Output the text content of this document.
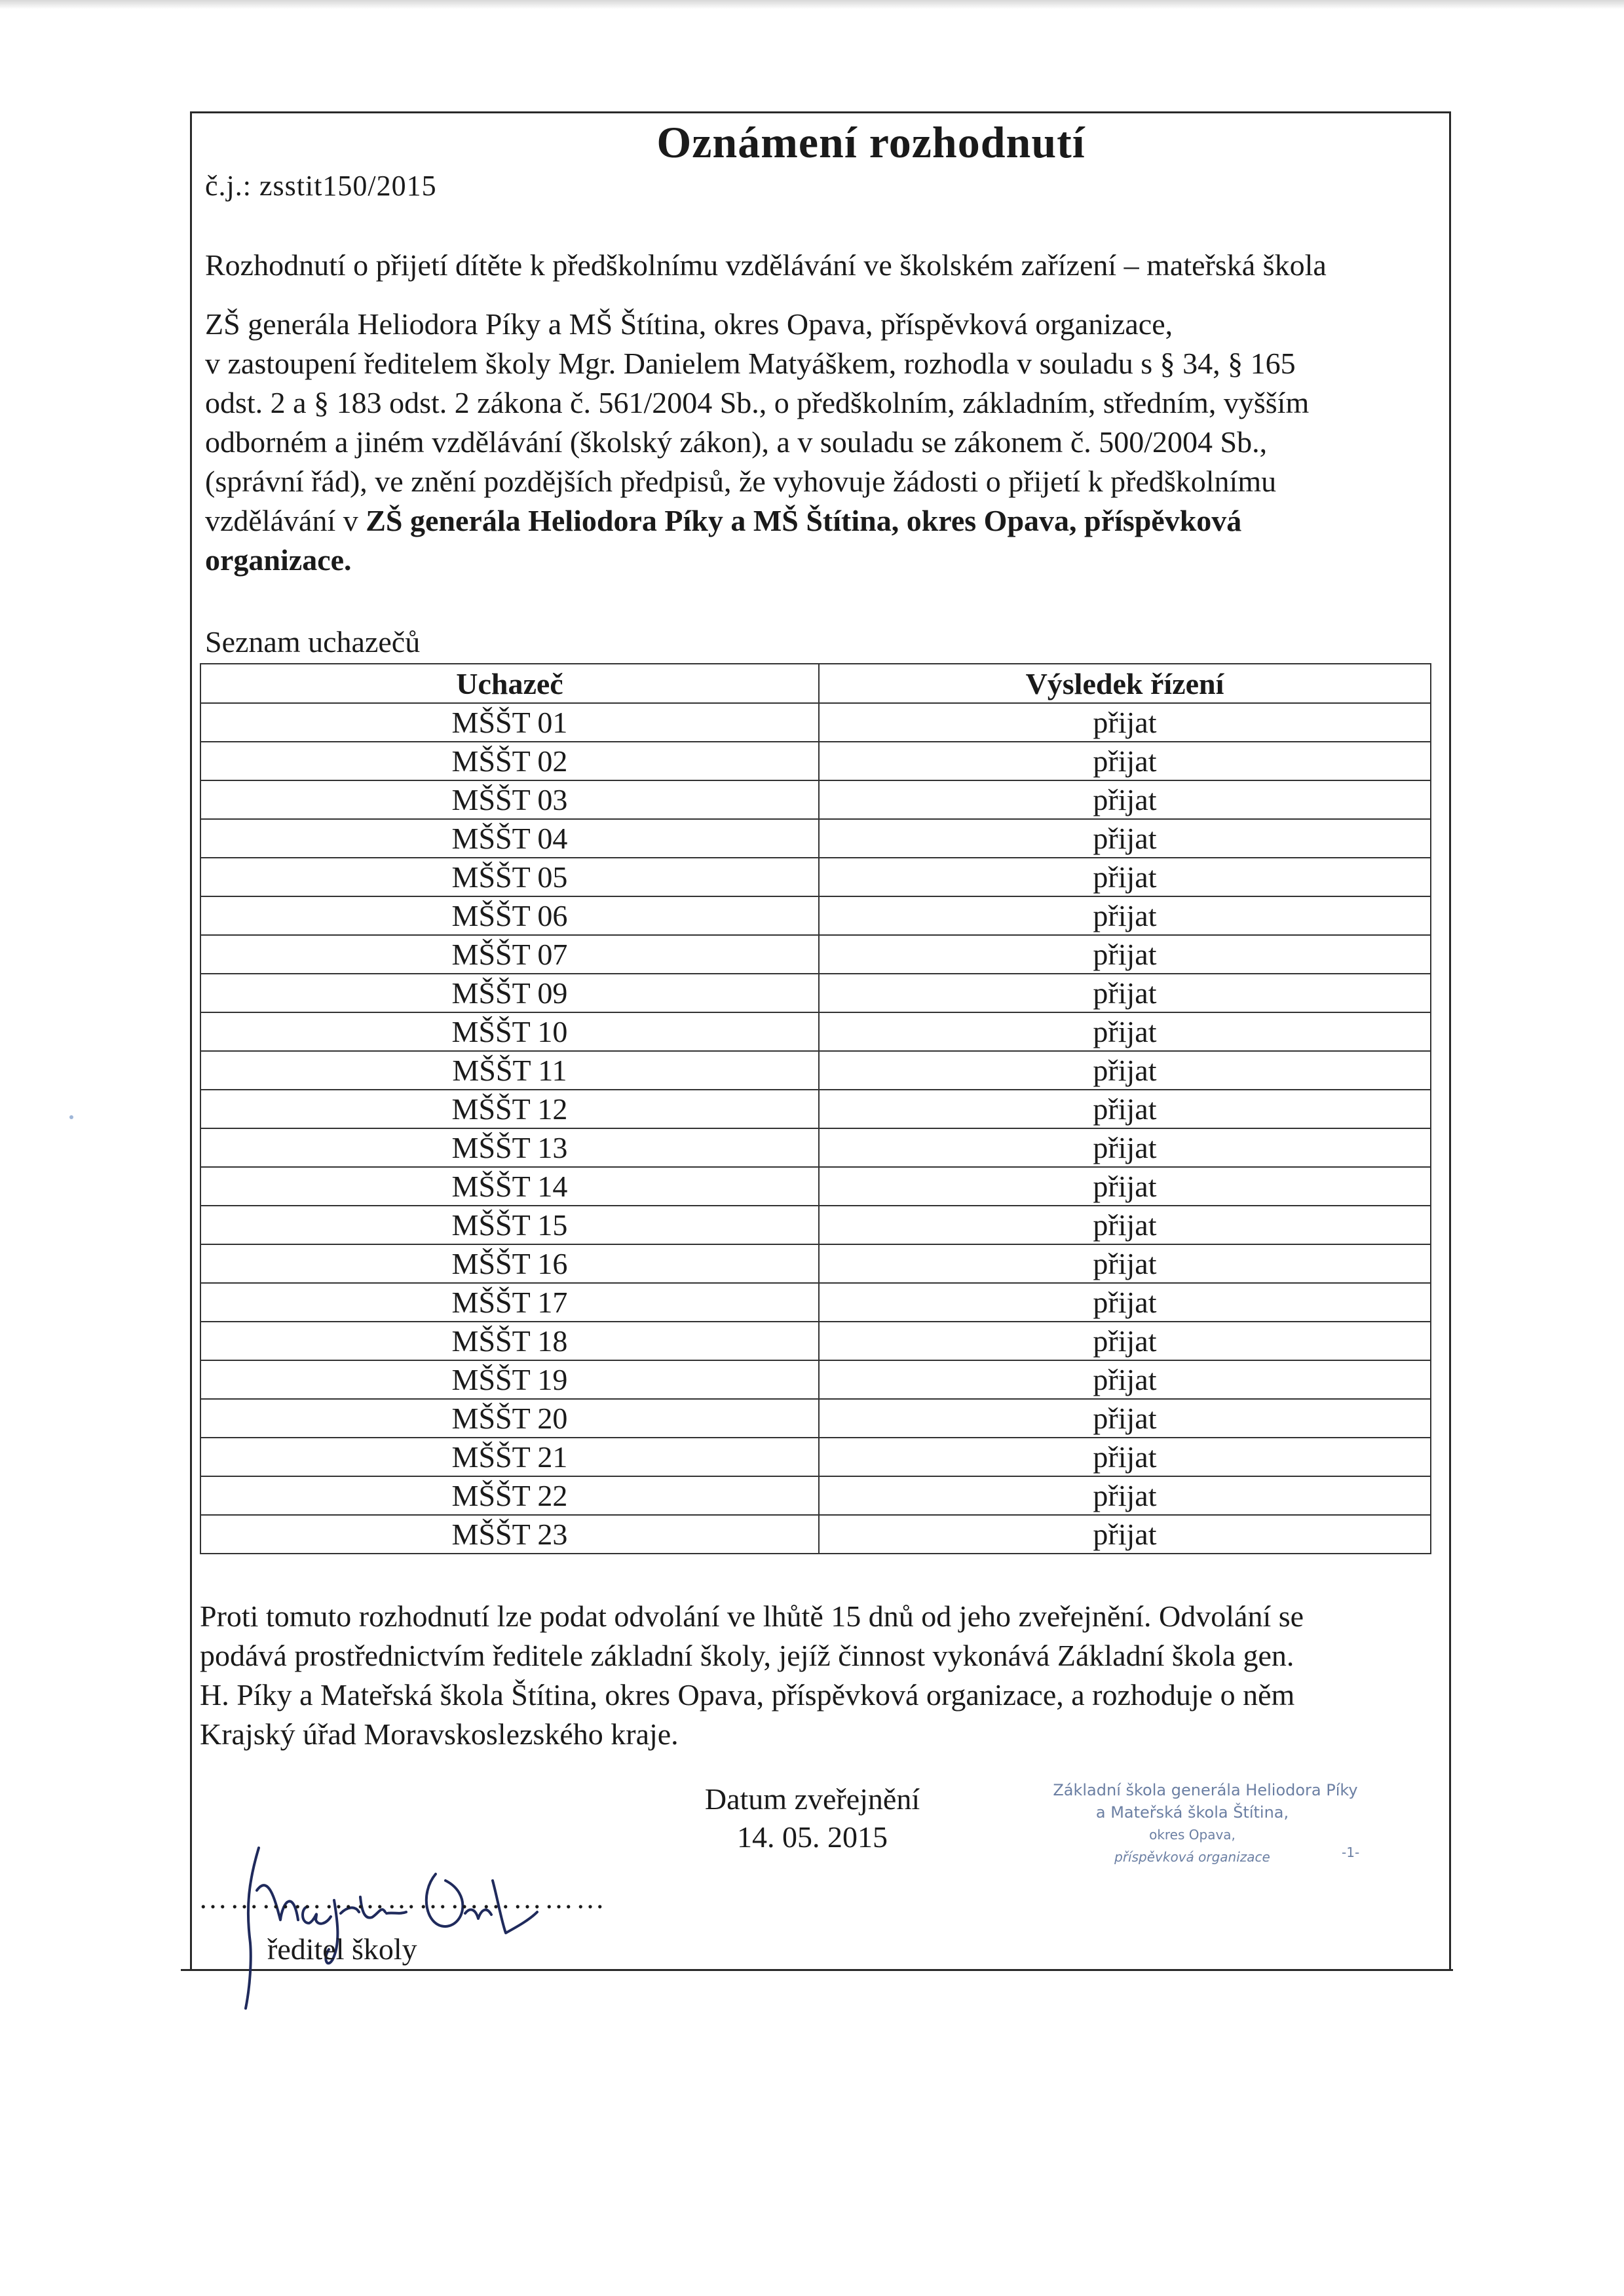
č.j.: zsstit150/2015
Oznámení rozhodnutí
Rozhodnutí o přijetí dítěte k předškolnímu vzdělávání ve školském zařízení – mateřská škola
ZŠ generála Heliodora Píky a MŠ Štítina, okres Opava, příspěvková organizace,
v zastoupení ředitelem školy Mgr. Danielem Matyáškem, rozhodla v souladu s § 34, § 165
odst. 2 a § 183 odst. 2 zákona č. 561/2004 Sb., o předškolním, základním, středním, vyšším
odborném a jiném vzdělávání (školský zákon), a v souladu se zákonem č. 500/2004 Sb.,
(správní řád), ve znění pozdějších předpisů, že vyhovuje žádosti o přijetí k předškolnímu
vzdělávání v ZŠ generála Heliodora Píky a MŠ Štítina, okres Opava, příspěvková
organizace.
Seznam uchazečů
Uchazeč	Výsledek řízení
MŠŠT 01	přijat
MŠŠT 02	přijat
MŠŠT 03	přijat
MŠŠT 04	přijat
MŠŠT 05	přijat
MŠŠT 06	přijat
MŠŠT 07	přijat
MŠŠT 09	přijat
MŠŠT 10	přijat
MŠŠT 11	přijat
MŠŠT 12	přijat
MŠŠT 13	přijat
MŠŠT 14	přijat
MŠŠT 15	přijat
MŠŠT 16	přijat
MŠŠT 17	přijat
MŠŠT 18	přijat
MŠŠT 19	přijat
MŠŠT 20	přijat
MŠŠT 21	přijat
MŠŠT 22	přijat
MŠŠT 23	přijat
Proti tomuto rozhodnutí lze podat odvolání ve lhůtě 15 dnů od jeho zveřejnění. Odvolání se
podává prostřednictvím ředitele základní školy, jejíž činnost vykonává Základní škola gen.
H. Píky a Mateřská škola Štítina, okres Opava, příspěvková organizace, a rozhoduje o něm
Krajský úřad Moravskoslezského kraje.
Datum zveřejnění
14. 05. 2015
Základní škola generála Heliodora Píky
a Mateřská škola Štítina,
okres Opava,
příspěvková organizace	-1-
…………………………………
ředitel školy
